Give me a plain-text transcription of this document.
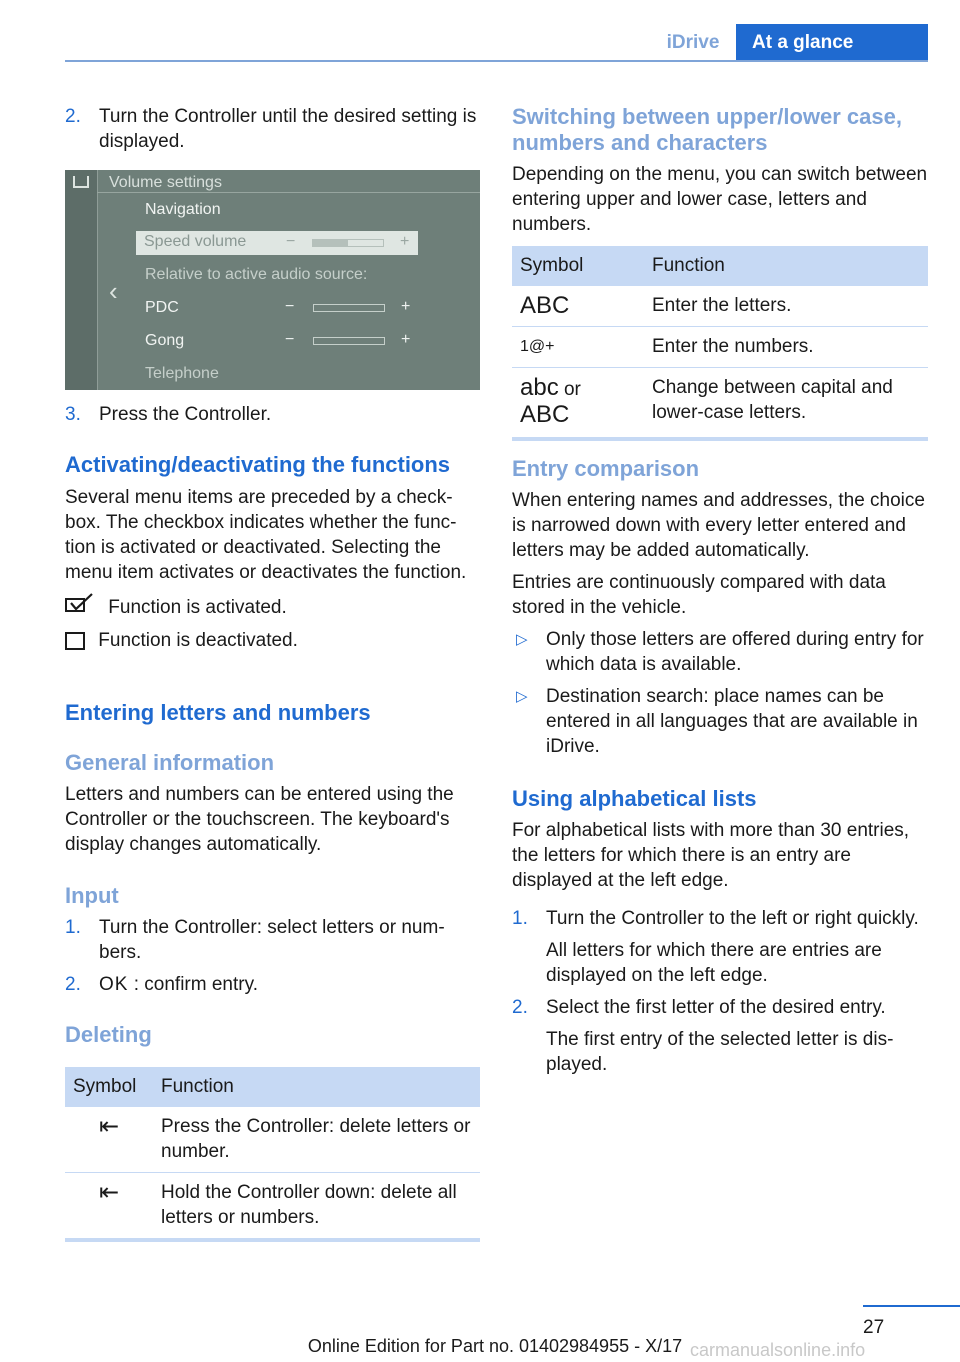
iDrive	At a glance
2. Turn the Controller until the desired setting is displayed.
Volume settings
‹
Navigation
Speed volume −	+
Relative to active audio source:
PDC	−	+
Gong	−	+
Telephone
3. Press the Controller.
Activating/deactivating the functions

Several menu items are preceded by a checkbox. The checkbox indicates whether the function is activated or deactivated. Selecting the menu item activates or deactivates the function.

Function is activated.
Function is deactivated.
Entering letters and numbers
General information

Letters and numbers can be entered using the Controller or the touchscreen. The keyboard's display changes automatically.

Input
1. Turn the Controller: select letters or numbers.
2. OK : confirm entry.
Deleting
Symbol	Function
⇤	Press the Controller: delete letters or number.
⇤	Hold the Controller down: delete all letters or numbers.
Switching between upper/lower case, numbers and characters

Depending on the menu, you can switch between entering upper and lower case, letters and numbers.

Symbol	Function
ABC	Enter the letters.
1@+	Enter the numbers.
abc or
ABC	Change between capital and lower-case letters.
Entry comparison

When entering names and addresses, the choice is narrowed down with every letter entered and letters may be added automatically.

Entries are continuously compared with data stored in the vehicle.

▷ Only those letters are offered during entry for which data is available.
▷ Destination search: place names can be entered in all languages that are available in iDrive.
Using alphabetical lists

For alphabetical lists with more than 30 entries, the letters for which there is an entry are displayed at the left edge.

1. Turn the Controller to the left or right quickly.

All letters for which there are entries are displayed on the left edge.

2. Select the first letter of the desired entry.

The first entry of the selected letter is displayed.

27
Online Edition for Part no. 01402984955 - X/17 carmanualsonline.info
